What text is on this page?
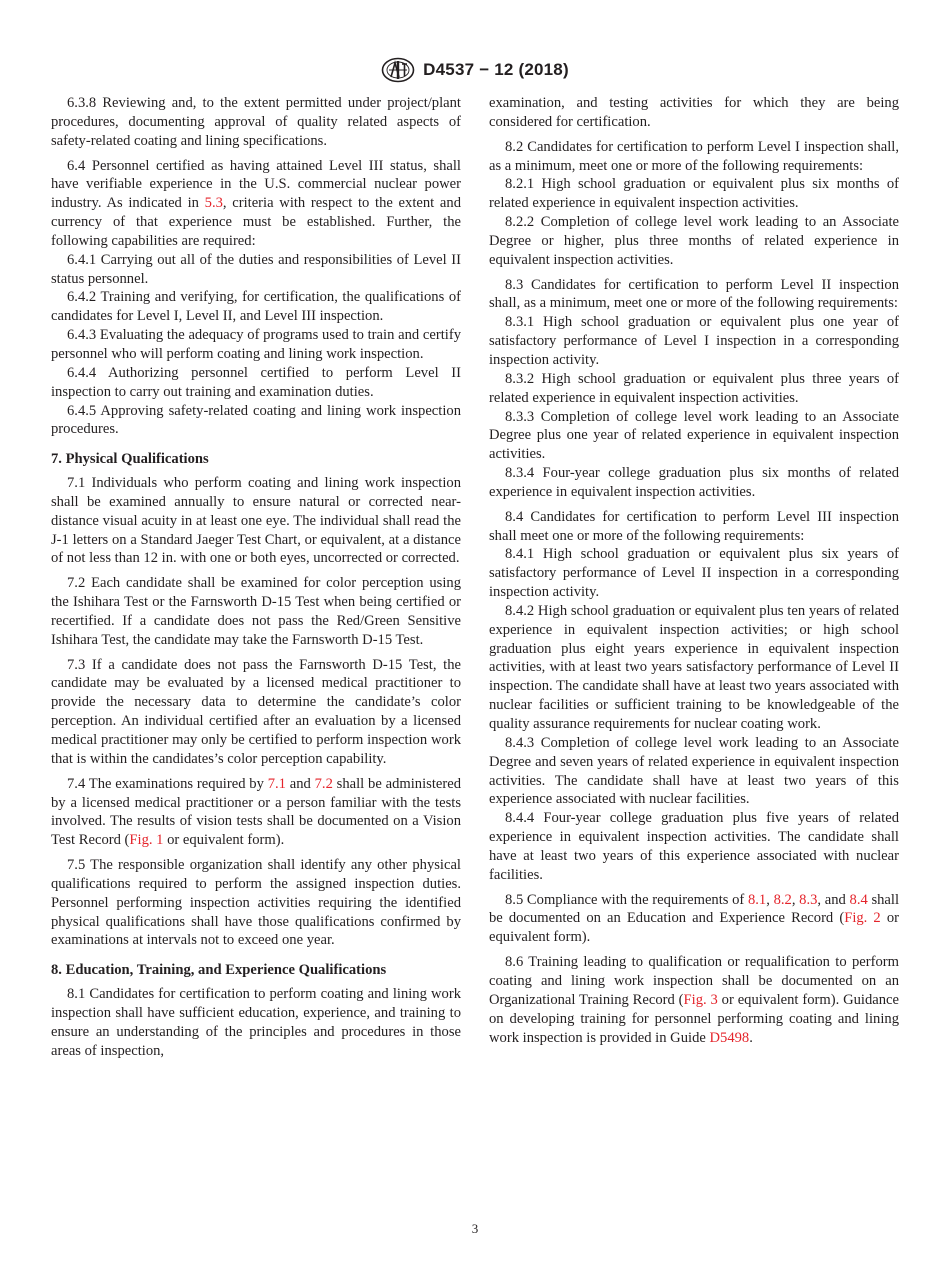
D4537 − 12 (2018)

6.3.8 Reviewing and, to the extent permitted under project/plant procedures, documenting approval of quality related aspects of safety-related coating and lining specifications.

6.4 Personnel certified as having attained Level III status, shall have verifiable experience in the U.S. commercial nuclear power industry. As indicated in 5.3, criteria with respect to the extent and currency of that experience must be established. Further, the following capabilities are required:

6.4.1 Carrying out all of the duties and responsibilities of Level II status personnel.

6.4.2 Training and verifying, for certification, the qualifications of candidates for Level I, Level II, and Level III inspection.

6.4.3 Evaluating the adequacy of programs used to train and certify personnel who will perform coating and lining work inspection.

6.4.4 Authorizing personnel certified to perform Level II inspection to carry out training and examination duties.

6.4.5 Approving safety-related coating and lining work inspection procedures.

7. Physical Qualifications

7.1 Individuals who perform coating and lining work inspection shall be examined annually to ensure natural or corrected near-distance visual acuity in at least one eye. The individual shall read the J-1 letters on a Standard Jaeger Test Chart, or equivalent, at a distance of not less than 12 in. with one or both eyes, uncorrected or corrected.

7.2 Each candidate shall be examined for color perception using the Ishihara Test or the Farnsworth D-15 Test when being certified or recertified. If a candidate does not pass the Red/Green Sensitive Ishihara Test, the candidate may take the Farnsworth D-15 Test.

7.3 If a candidate does not pass the Farnsworth D-15 Test, the candidate may be evaluated by a licensed medical practitioner to provide the necessary data to determine the candidate’s color perception. An individual certified after an evaluation by a licensed medical practitioner may only be certified to perform inspection work that is within the candidates’s color perception capability.

7.4 The examinations required by 7.1 and 7.2 shall be administered by a licensed medical practitioner or a person familiar with the tests involved. The results of vision tests shall be documented on a Vision Test Record (Fig. 1 or equivalent form).

7.5 The responsible organization shall identify any other physical qualifications required to perform the assigned inspection duties. Personnel performing inspection activities requiring the identified physical qualifications shall have those qualifications confirmed by examinations at intervals not to exceed one year.

8. Education, Training, and Experience Qualifications

8.1 Candidates for certification to perform coating and lining work inspection shall have sufficient education, experience, and training to ensure an understanding of the principles and procedures in those areas of inspection,

examination, and testing activities for which they are being considered for certification.

8.2 Candidates for certification to perform Level I inspection shall, as a minimum, meet one or more of the following requirements:

8.2.1 High school graduation or equivalent plus six months of related experience in equivalent inspection activities.

8.2.2 Completion of college level work leading to an Associate Degree or higher, plus three months of related experience in equivalent inspection activities.

8.3 Candidates for certification to perform Level II inspection shall, as a minimum, meet one or more of the following requirements:

8.3.1 High school graduation or equivalent plus one year of satisfactory performance of Level I inspection in a corresponding inspection activity.

8.3.2 High school graduation or equivalent plus three years of related experience in equivalent inspection activities.

8.3.3 Completion of college level work leading to an Associate Degree plus one year of related experience in equivalent inspection activities.

8.3.4 Four-year college graduation plus six months of related experience in equivalent inspection activities.

8.4 Candidates for certification to perform Level III inspection shall meet one or more of the following requirements:

8.4.1 High school graduation or equivalent plus six years of satisfactory performance of Level II inspection in a corresponding inspection activity.

8.4.2 High school graduation or equivalent plus ten years of related experience in equivalent inspection activities; or high school graduation plus eight years experience in equivalent inspection activities, with at least two years satisfactory performance of Level II inspection. The candidate shall have at least two years associated with nuclear facilities or sufficient training to be knowledgeable of the quality assurance requirements for nuclear coating work.

8.4.3 Completion of college level work leading to an Associate Degree and seven years of related experience in equivalent inspection activities. The candidate shall have at least two years of this experience associated with nuclear facilities.

8.4.4 Four-year college graduation plus five years of related experience in equivalent inspection activities. The candidate shall have at least two years of this experience associated with nuclear facilities.

8.5 Compliance with the requirements of 8.1, 8.2, 8.3, and 8.4 shall be documented on an Education and Experience Record (Fig. 2 or equivalent form).

8.6 Training leading to qualification or requalification to perform coating and lining work inspection shall be documented on an Organizational Training Record (Fig. 3 or equivalent form). Guidance on developing training for personnel performing coating and lining work inspection is provided in Guide D5498.

3
